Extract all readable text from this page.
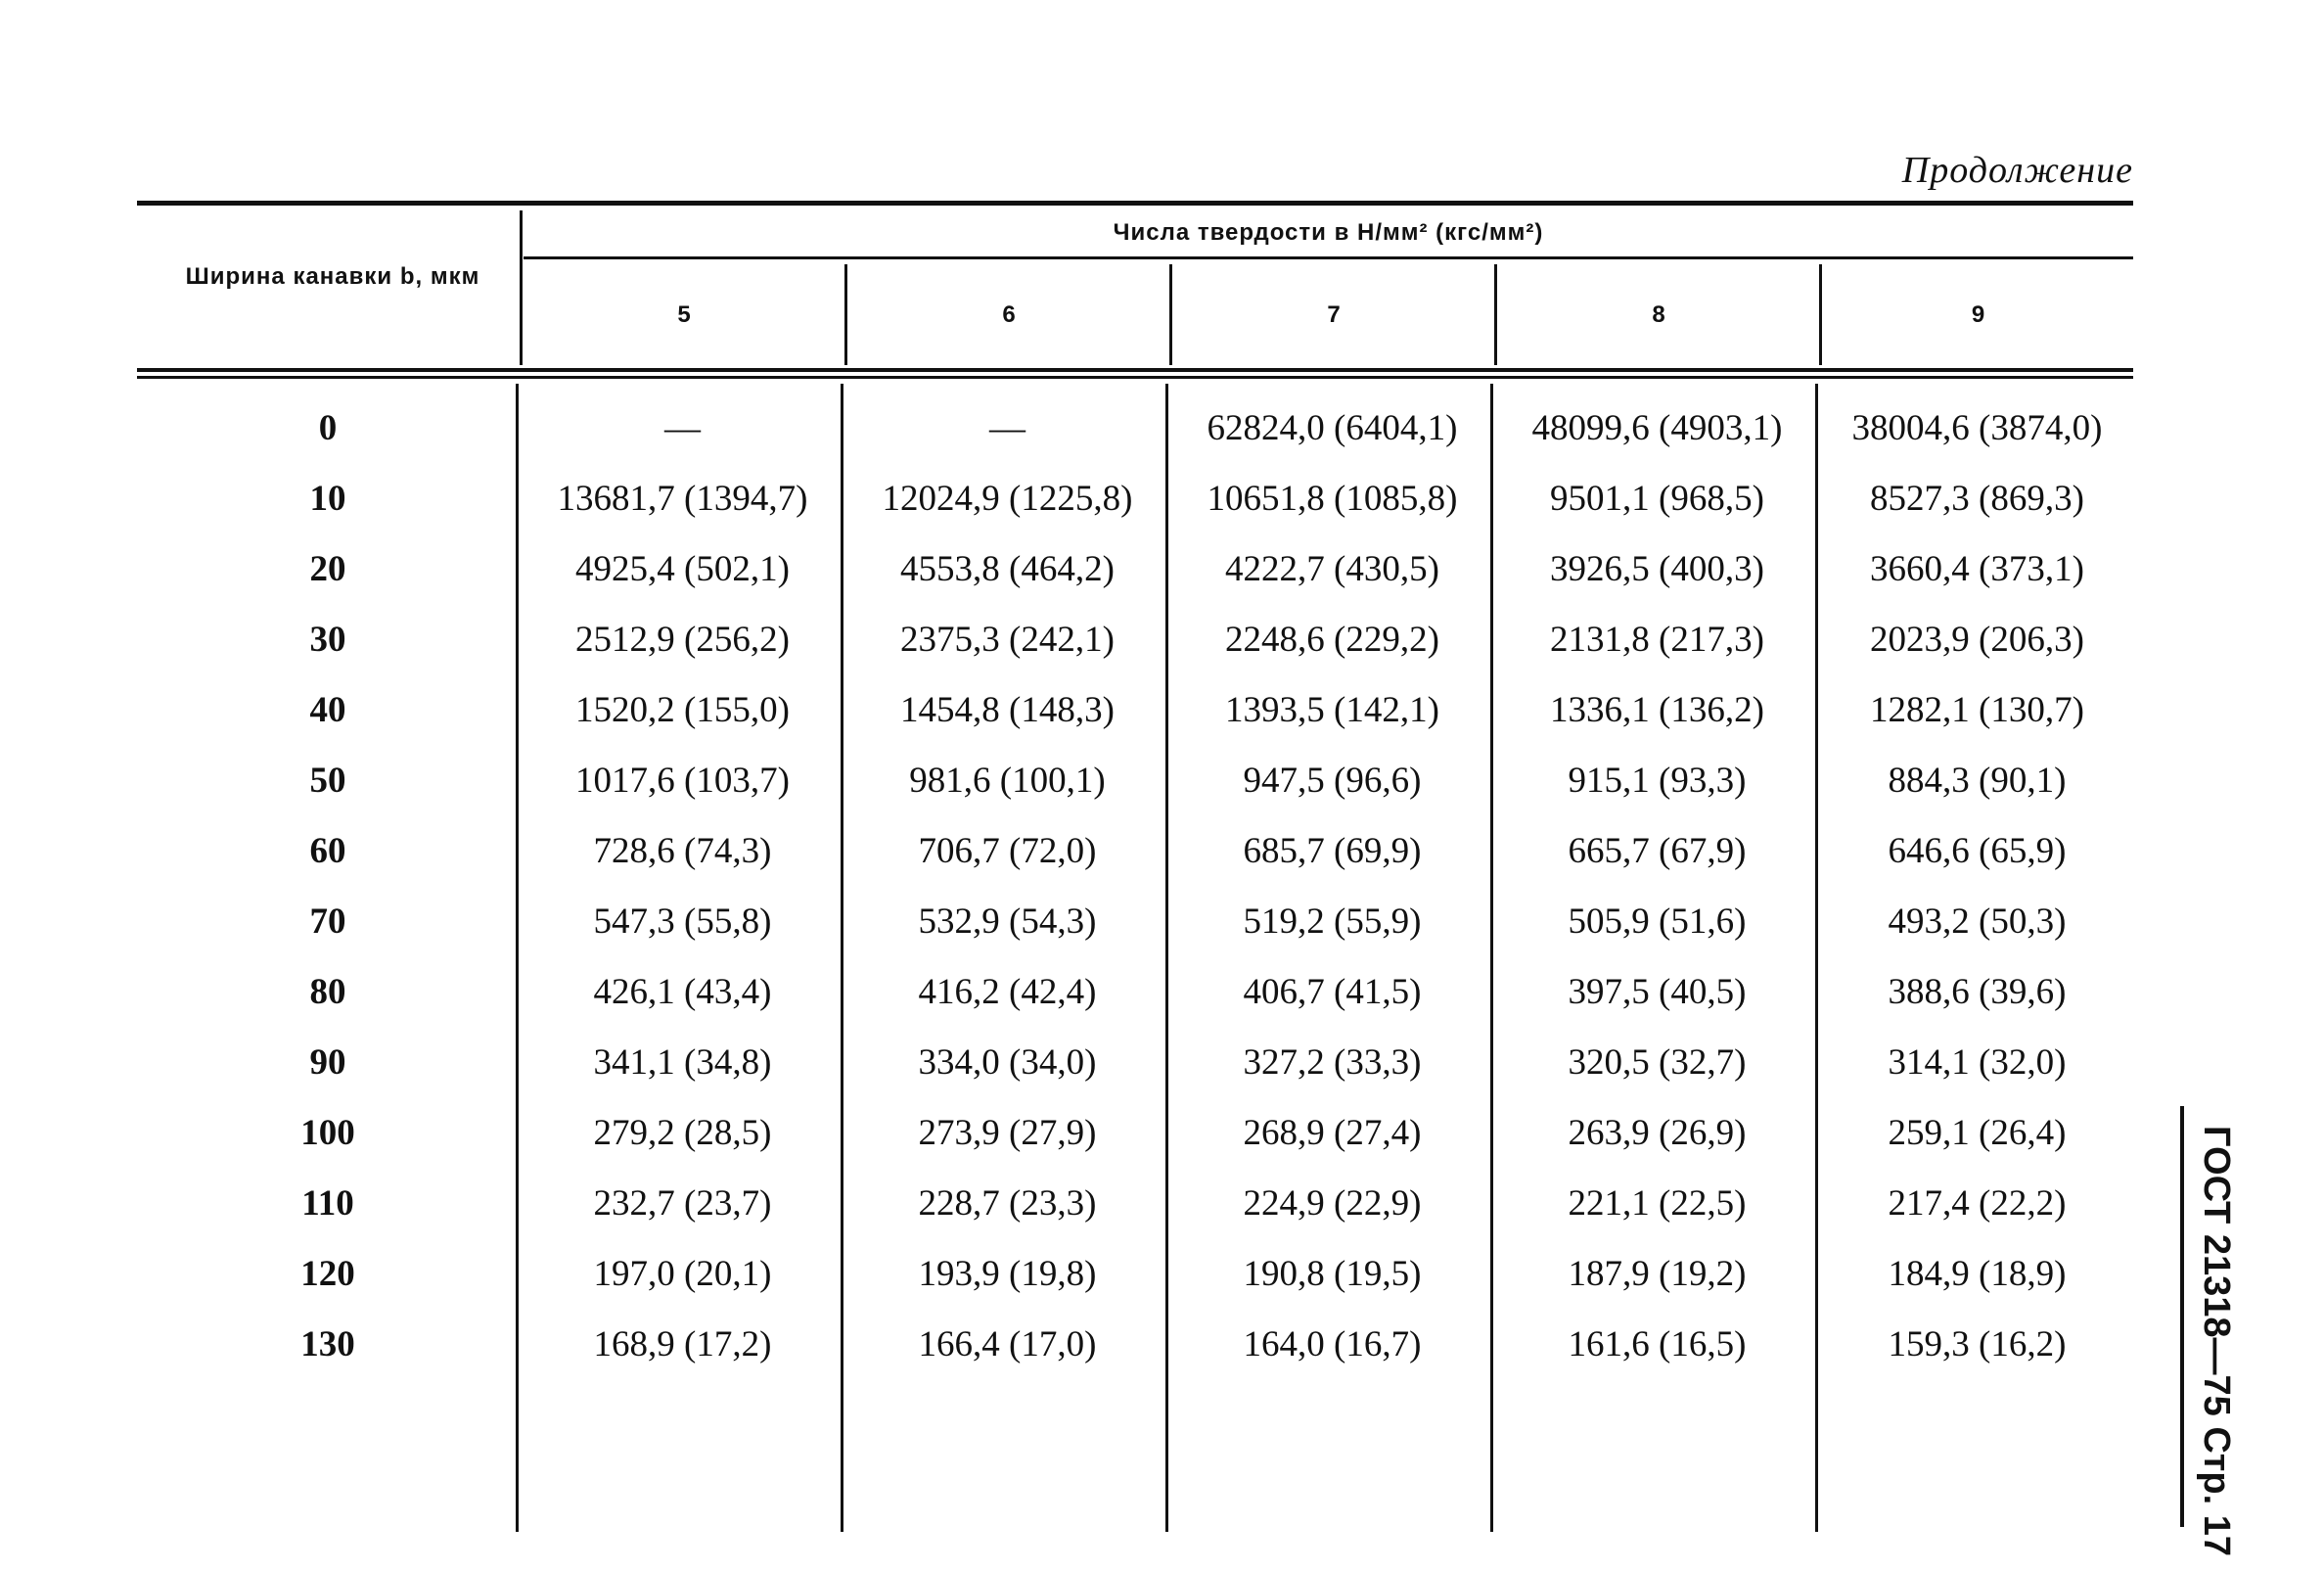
Продолжение
Ширина канавки b, мкм
Числа твердости в Н/мм² (кгс/мм²)
5	6	7	8	9
0	—	—	62824,0 (6404,1)	48099,6 (4903,1)	38004,6 (3874,0)
10	13681,7 (1394,7)	12024,9 (1225,8)	10651,8 (1085,8)	9501,1 (968,5)	8527,3 (869,3)
20	4925,4 (502,1)	4553,8 (464,2)	4222,7 (430,5)	3926,5 (400,3)	3660,4 (373,1)
30	2512,9 (256,2)	2375,3 (242,1)	2248,6 (229,2)	2131,8 (217,3)	2023,9 (206,3)
40	1520,2 (155,0)	1454,8 (148,3)	1393,5 (142,1)	1336,1 (136,2)	1282,1 (130,7)
50	1017,6 (103,7)	981,6 (100,1)	947,5 (96,6)	915,1 (93,3)	884,3 (90,1)
60	728,6 (74,3)	706,7 (72,0)	685,7 (69,9)	665,7 (67,9)	646,6 (65,9)
70	547,3 (55,8)	532,9 (54,3)	519,2 (55,9)	505,9 (51,6)	493,2 (50,3)
80	426,1 (43,4)	416,2 (42,4)	406,7 (41,5)	397,5 (40,5)	388,6 (39,6)
90	341,1 (34,8)	334,0 (34,0)	327,2 (33,3)	320,5 (32,7)	314,1 (32,0)
100	279,2 (28,5)	273,9 (27,9)	268,9 (27,4)	263,9 (26,9)	259,1 (26,4)
110	232,7 (23,7)	228,7 (23,3)	224,9 (22,9)	221,1 (22,5)	217,4 (22,2)
120	197,0 (20,1)	193,9 (19,8)	190,8 (19,5)	187,9 (19,2)	184,9 (18,9)
130	168,9 (17,2)	166,4 (17,0)	164,0 (16,7)	161,6 (16,5)	159,3 (16,2)	ГОСТ 21318—75 Стр. 17
